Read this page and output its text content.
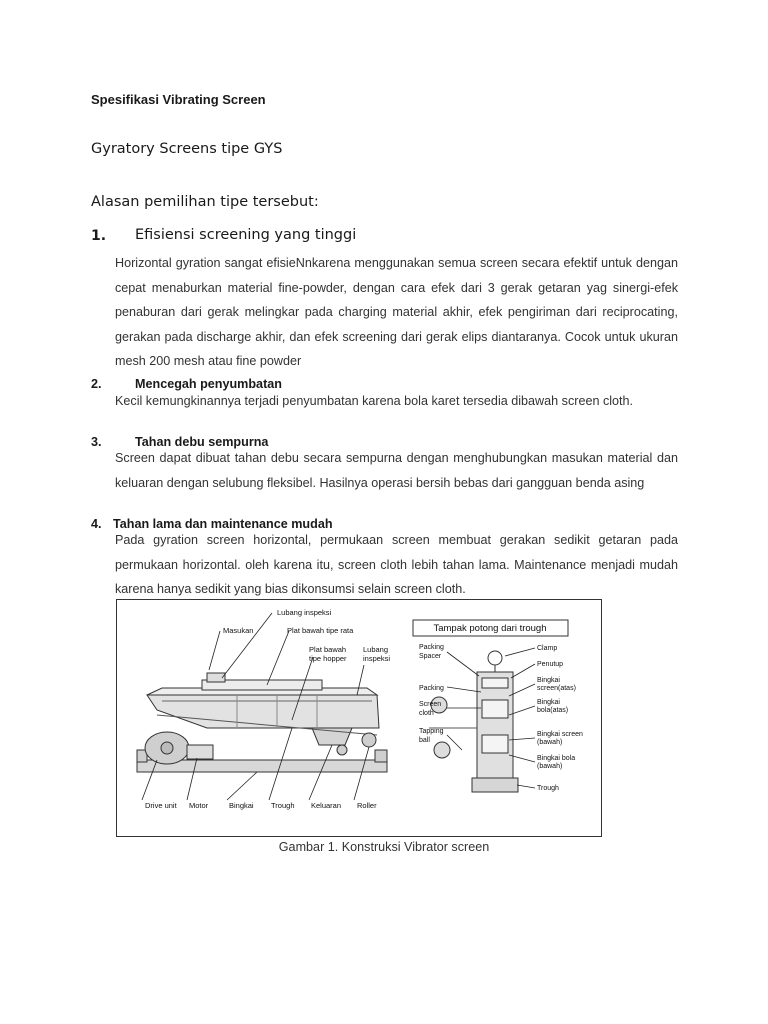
Spesifikasi Vibrating Screen
Gyratory Screens tipe GYS
Alasan pemilihan tipe tersebut:
1. Efisiensi screening yang tinggi
Horizontal gyration sangat efisieNnkarena menggunakan semua screen secara efektif untuk dengan cepat menaburkan material fine-powder, dengan cara efek dari 3 gerak getaran yag sinergi-efek penaburan dari gerak melingkar pada charging material akhir, efek pengiriman dari reciprocating, gerakan pada discharge akhir, dan efek screening dari gerak elips diantaranya. Cocok untuk ukuran mesh 200 mesh atau fine powder
2.	Mencegah penyumbatan
Kecil kemungkinannya terjadi penyumbatan karena bola karet tersedia dibawah screen cloth.
3.	Tahan debu sempurna
Screen dapat dibuat tahan debu secara sempurna dengan menghubungkan masukan material dan keluaran dengan selubung fleksibel. Hasilnya operasi bersih bebas dari gangguan benda asing
4. Tahan lama dan maintenance mudah
Pada gyration screen horizontal, permukaan screen membuat gerakan sedikit getaran pada permukaan horizontal. oleh karena itu, screen cloth lebih tahan lama. Maintenance menjadi mudah karena hanya sedikit yang bias dikonsumsi selain screen cloth.
Lubang inspeksi
Masukan	Plat bawah tipe rata
Plat bawah
tipe hopper
Lubang
inspeksi
Drive unit Motor	Bingkai Trough Keluaran Roller
Tampak potong dari trough
Packing
Spacer
Packing
Screen
cloth
Tapping
ball
Clamp
Penutup
Bingkai
screen(atas)
Bingkai
bola(atas)
Bingkai screen
(bawah)
Bingkai bola
(bawah)
Trough
Gambar 1. Konstruksi Vibrator screen
